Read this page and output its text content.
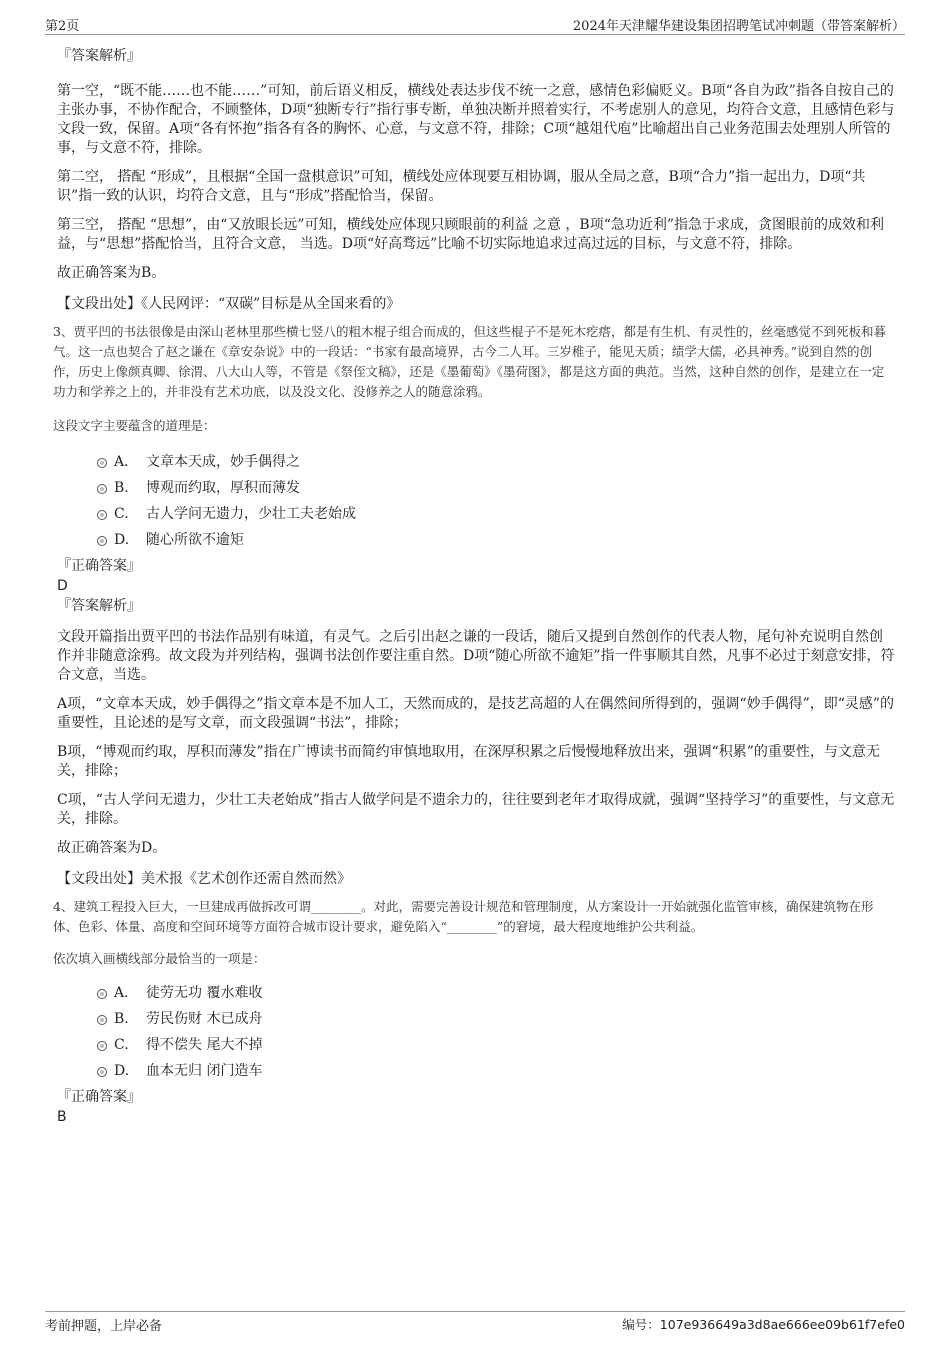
第2页	2024年天津耀华建设集团招聘笔试冲刺题（带答案解析）
『答案解析』

第一空，“既不能……也不能……”可知，前后语义相反，横线处表达步伐不统一之意，感情色彩偏贬义。B项“各自为政”指各自按自己的主张办事，不协作配合，不顾整体，D项“独断专行”指行事专断，单独决断并照着实行，不考虑别人的意见，均符合文意，且感情色彩与文段一致，保留。A项“各有怀抱”指各有各的胸怀、心意，与文意不符，排除；C项“越俎代庖”比喻超出自己业务范围去处理别人所管的事，与文意不符，排除。

第二空， 搭配 “形成”，且根据“全国一盘棋意识”可知，横线处应体现要互相协调，服从全局之意，B项“合力”指一起出力，D项“共识”指一致的认识，均符合文意，且与“形成”搭配恰当，保留。

第三空， 搭配 “思想”，由“又放眼长远”可知，横线处应体现只顾眼前的利益 之意 ，B项“急功近利”指急于求成，贪图眼前的成效和利益，与“思想”搭配恰当，且符合文意， 当选。D项“好高骛远”比喻不切实际地追求过高过远的目标，与文意不符，排除。

故正确答案为B。

【文段出处】《人民网评：“双碳”目标是从全国来看的》

3、贾平凹的书法很像是由深山老林里那些横七竖八的粗木棍子组合而成的，但这些棍子不是死木疙瘩，都是有生机、有灵性的，丝毫感觉不到死板和暮气。这一点也契合了赵之谦在《章安杂说》中的一段话：“书家有最高境界，古今二人耳。三岁稚子，能见天质；绩学大儒，必具神秀。”说到自然的创作，历史上像颜真卿、徐渭、八大山人等，不管是《祭侄文稿》，还是《墨葡萄》《墨荷图》，都是这方面的典范。当然，这种自然的创作，是建立在一定功力和学养之上的，并非没有艺术功底，以及没文化、没修养之人的随意涂鸦。

这段文字主要蕴含的道理是：

A． 文章本天成，妙手偶得之
B. 博观而约取，厚积而薄发
C. 古人学问无遗力，少壮工夫老始成
D. 随心所欲不逾矩
『正确答案』
D
『答案解析』

文段开篇指出贾平凹的书法作品别有味道，有灵气。之后引出赵之谦的一段话，随后又提到自然创作的代表人物，尾句补充说明自然创作并非随意涂鸦。故文段为并列结构，强调书法创作要注重自然。D项“随心所欲不逾矩”指一件事顺其自然，凡事不必过于刻意安排，符合文意，当选。

A项，“文章本天成，妙手偶得之”指文章本是不加人工，天然而成的，是技艺高超的人在偶然间所得到的，强调“妙手偶得”，即“灵感”的重要性，且论述的是写文章，而文段强调“书法”，排除；

B项，“博观而约取，厚积而薄发”指在广博读书而简约审慎地取用，在深厚积累之后慢慢地释放出来，强调“积累”的重要性，与文意无关，排除；

C项，“古人学问无遗力，少壮工夫老始成”指古人做学问是不遗余力的，往往要到老年才取得成就，强调“坚持学习”的重要性，与文意无关，排除。

故正确答案为D。

【文段出处】美术报《艺术创作还需自然而然》

4、建筑工程投入巨大，一旦建成再做拆改可谓________。对此，需要完善设计规范和管理制度，从方案设计一开始就强化监管审核，确保建筑物在形体、色彩、体量、高度和空间环境等方面符合城市设计要求，避免陷入“________”的窘境，最大程度地维护公共利益。

依次填入画横线部分最恰当的一项是：

A． 徒劳无功 覆水难收
B. 劳民伤财 木已成舟
C. 得不偿失 尾大不掉
D. 血本无归 闭门造车
『正确答案』
B
考前押题，上岸必备	编号：107e936649a3d8ae666ee09b61f7efe0
